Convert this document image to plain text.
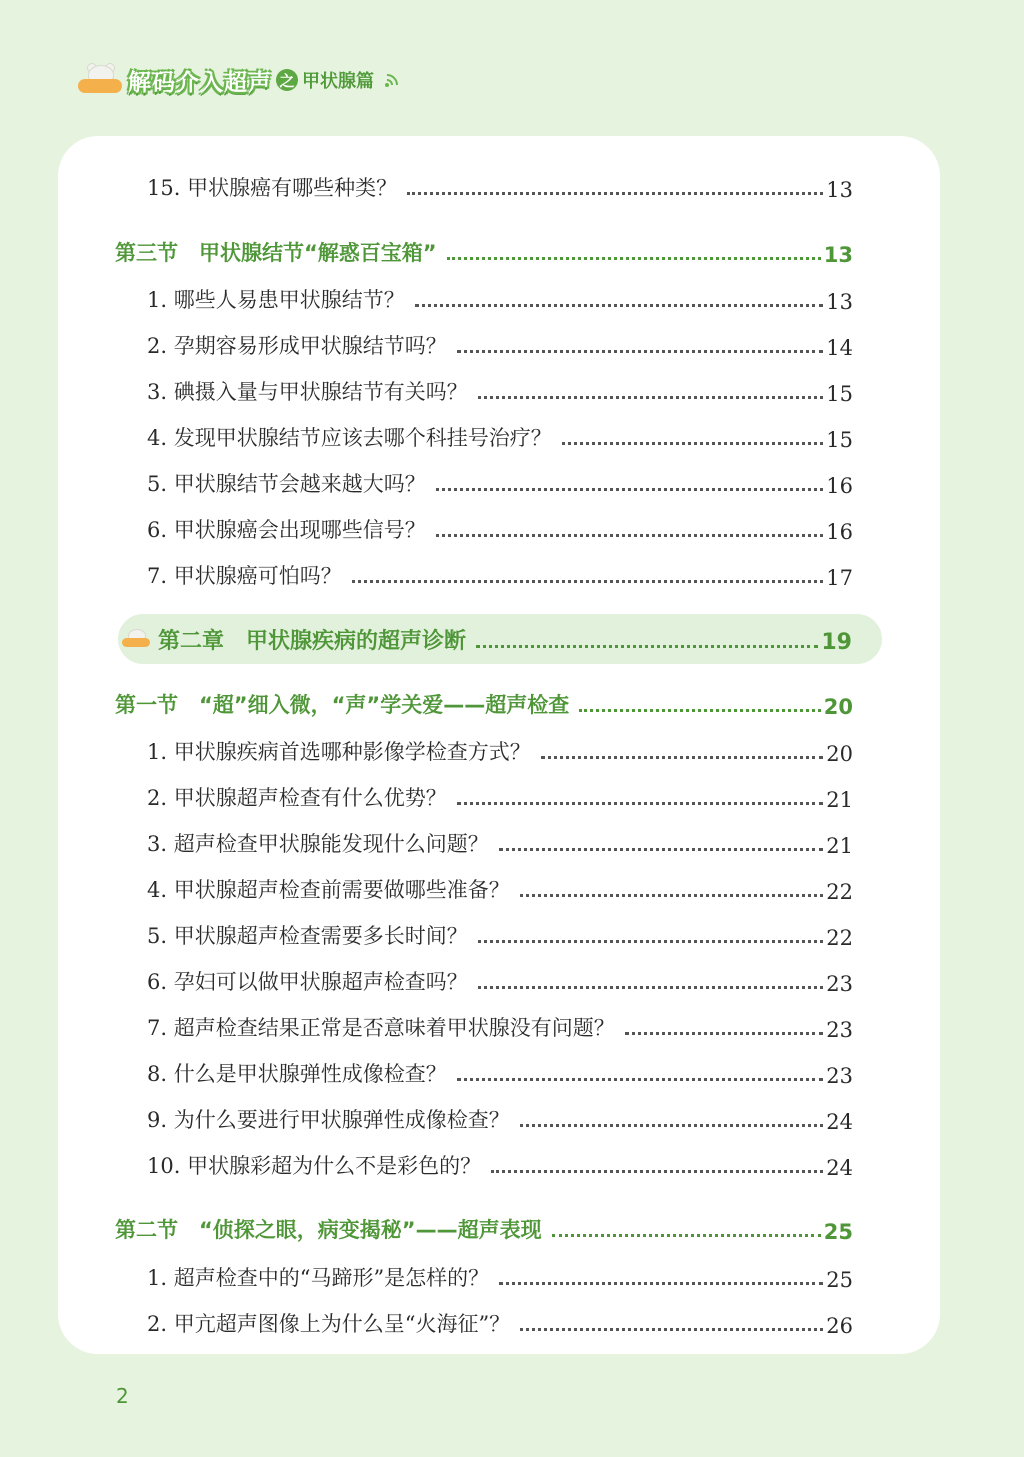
解码介入超声 之 甲状腺篇
15. 甲状腺癌有哪些种类？	13
第三节　甲状腺结节“解惑百宝箱”	13
1. 哪些人易患甲状腺结节？	13
2. 孕期容易形成甲状腺结节吗？	14
3. 碘摄入量与甲状腺结节有关吗？	15
4. 发现甲状腺结节应该去哪个科挂号治疗？	15
5. 甲状腺结节会越来越大吗？	16
6. 甲状腺癌会出现哪些信号？	16
7. 甲状腺癌可怕吗？	17
第二章　甲状腺疾病的超声诊断	19
第一节　“超”细入微，“声”学关爱——超声检查	20
1. 甲状腺疾病首选哪种影像学检查方式？	20
2. 甲状腺超声检查有什么优势？	21
3. 超声检查甲状腺能发现什么问题？	21
4. 甲状腺超声检查前需要做哪些准备？	22
5. 甲状腺超声检查需要多长时间？	22
6. 孕妇可以做甲状腺超声检查吗？	23
7. 超声检查结果正常是否意味着甲状腺没有问题？	23
8. 什么是甲状腺弹性成像检查？	23
9. 为什么要进行甲状腺弹性成像检查？	24
10. 甲状腺彩超为什么不是彩色的？	24
第二节　“侦探之眼，病变揭秘”——超声表现	25
1. 超声检查中的“马蹄形”是怎样的？	25
2. 甲亢超声图像上为什么呈“火海征”？	26
2
